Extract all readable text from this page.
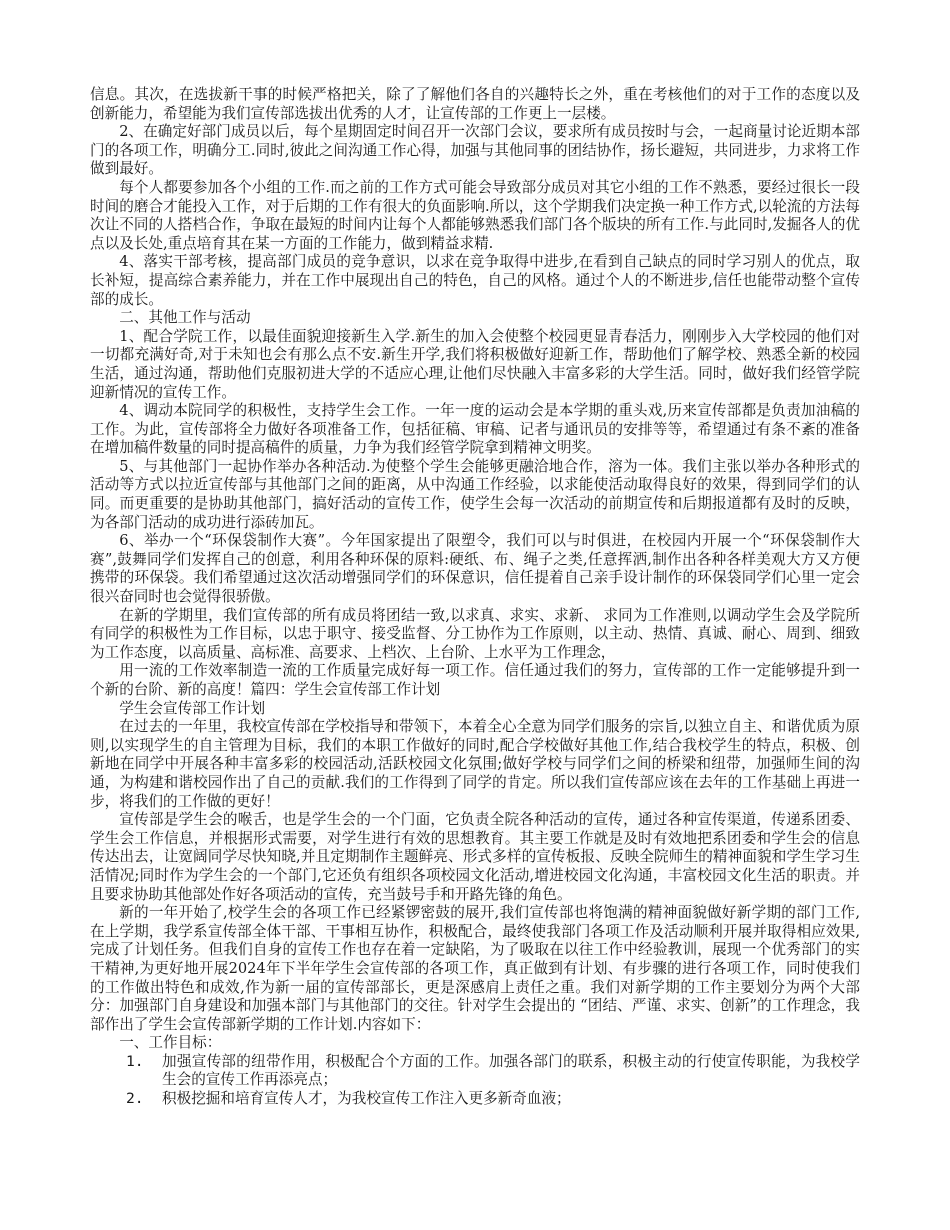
信息。其次，在选拔新干事的时候严格把关，除了了解他们各自的兴趣特长之外，重在考核他们的对于工作的态度以及创新能力，希望能为我们宣传部选拔出优秀的人才，让宣传部的工作更上一层楼。

2、在确定好部门成员以后，每个星期固定时间召开一次部门会议，要求所有成员按时与会，一起商量讨论近期本部门的各项工作，明确分工.同时,彼此之间沟通工作心得，加强与其他同事的团结协作，扬长避短，共同进步，力求将工作做到最好。

每个人都要参加各个小组的工作.而之前的工作方式可能会导致部分成员对其它小组的工作不熟悉，要经过很长一段时间的磨合才能投入工作，对于后期的工作有很大的负面影响.所以，这个学期我们决定换一种工作方式,以轮流的方法每次让不同的人搭档合作，争取在最短的时间内让每个人都能够熟悉我们部门各个版块的所有工作.与此同时,发掘各人的优点以及长处,重点培育其在某一方面的工作能力，做到精益求精.

4、落实干部考核，提高部门成员的竞争意识，以求在竞争取得中进步,在看到自己缺点的同时学习别人的优点，取长补短，提高综合素养能力，并在工作中展现出自己的特色，自己的风格。通过个人的不断进步,信任也能带动整个宣传部的成长。

二、其他工作与活动

1、配合学院工作，以最佳面貌迎接新生入学.新生的加入会使整个校园更显青春活力，刚刚步入大学校园的他们对一切都充满好奇,对于未知也会有那么点不安.新生开学,我们将积极做好迎新工作，帮助他们了解学校、熟悉全新的校园生活，通过沟通，帮助他们克服初进大学的不适应心理,让他们尽快融入丰富多彩的大学生活。同时，做好我们经管学院迎新情况的宣传工作。

4、调动本院同学的积极性，支持学生会工作。一年一度的运动会是本学期的重头戏,历来宣传部都是负责加油稿的工作。为此，宣传部将全力做好各项准备工作，包括征稿、审稿、记者与通讯员的安排等等，希望通过有条不紊的准备在增加稿件数量的同时提高稿件的质量，力争为我们经管学院拿到精神文明奖。

5、与其他部门一起协作举办各种活动.为使整个学生会能够更融洽地合作，溶为一体。我们主张以举办各种形式的活动等方式以拉近宣传部与其他部门之间的距离，从中沟通工作经验，以求能使活动取得良好的效果，得到同学们的认同。而更重要的是协助其他部门，搞好活动的宣传工作，使学生会每一次活动的前期宣传和后期报道都有及时的反映，为各部门活动的成功进行添砖加瓦。

6、举办一个“环保袋制作大赛”。今年国家提出了限塑令，我们可以与时俱进，在校园内开展一个“环保袋制作大赛”,鼓舞同学们发挥自己的创意，利用各种环保的原料:硬纸、布、绳子之类,任意挥洒,制作出各种各样美观大方又方便携带的环保袋。我们希望通过这次活动增强同学们的环保意识，信任提着自己亲手设计制作的环保袋同学们心里一定会很兴奋同时也会觉得很骄傲。

在新的学期里，我们宣传部的所有成员将团结一致,以求真、求实、求新、 求同为工作准则,以调动学生会及学院所有同学的积极性为工作目标，以忠于职守、接受监督、分工协作为工作原则，以主动、热情、真诚、耐心、周到、细致为工作态度，以高质量、高标准、高要求、上档次、上台阶、上水平为工作理念，

用一流的工作效率制造一流的工作质量完成好每一项工作。信任通过我们的努力，宣传部的工作一定能够提升到一个新的台阶、新的高度！篇四：学生会宣传部工作计划

学生会宣传部工作计划

在过去的一年里，我校宣传部在学校指导和带领下，本着全心全意为同学们服务的宗旨,以独立自主、和谐优质为原则,以实现学生的自主管理为目标，我们的本职工作做好的同时,配合学校做好其他工作,结合我校学生的特点，积极、创新地在同学中开展各种丰富多彩的校园活动,活跃校园文化氛围;做好学校与同学们之间的桥梁和纽带，加强师生间的沟通，为构建和谐校园作出了自己的贡献.我们的工作得到了同学的肯定。所以我们宣传部应该在去年的工作基础上再进一步，将我们的工作做的更好！

宣传部是学生会的喉舌，也是学生会的一个门面，它负责全院各种活动的宣传，通过各种宣传渠道，传递系团委、学生会工作信息，并根据形式需要，对学生进行有效的思想教育。其主要工作就是及时有效地把系团委和学生会的信息传达出去，让宽阔同学尽快知晓,并且定期制作主题鲜亮、形式多样的宣传板报、反映全院师生的精神面貌和学生学习生活情况;同时作为学生会的一个部门,它还负有组织各项校园文化活动,增进校园文化沟通，丰富校园文化生活的职责。并且要求协助其他部处作好各项活动的宣传，充当鼓号手和开路先锋的角色。

新的一年开始了,校学生会的各项工作已经紧锣密鼓的展开,我们宣传部也将饱满的精神面貌做好新学期的部门工作,在上学期，我学系宣传部全体干部、干事相互协作，积极配合，最终使我部门各项工作及活动顺利开展并取得相应效果,完成了计划任务。但我们自身的宣传工作也存在着一定缺陷，为了吸取在以往工作中经验教训，展现一个优秀部门的实干精神,为更好地开展2024年下半年学生会宣传部的各项工作，真正做到有计划、有步骤的进行各项工作，同时使我们的工作做出特色和成效,作为新一届的宣传部部长，更是深感肩上责任之重。我们对新学期的工作主要划分为两个大部分：加强部门自身建设和加强本部门与其他部门的交往。针对学生会提出的 “团结、严谨、求实、创新”的工作理念，我部作出了学生会宣传部新学期的工作计划.内容如下：

一、工作目标：

1. 加强宣传部的纽带作用，积极配合个方面的工作。加强各部门的联系，积极主动的行使宣传职能，为我校学生会的宣传工作再添亮点；
2. 积极挖掘和培育宣传人才，为我校宣传工作注入更多新奇血液；
